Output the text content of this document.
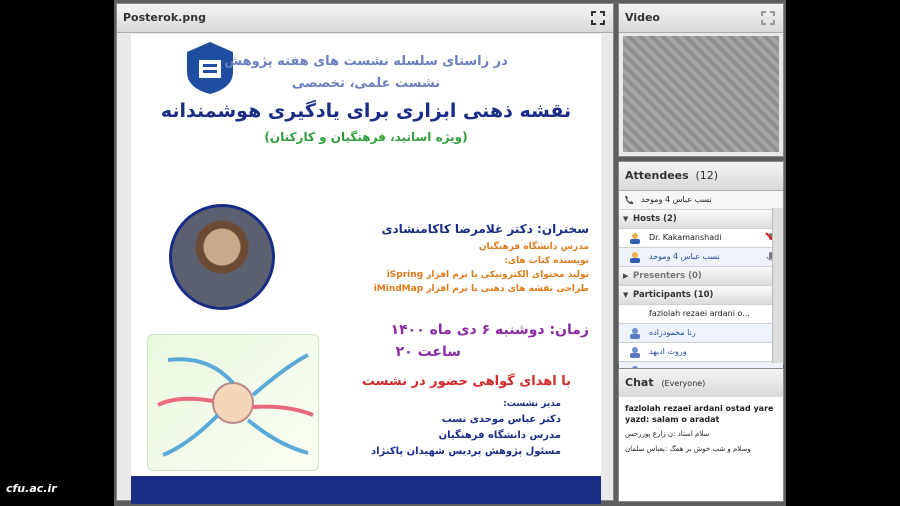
Posterok.png
در راستای سلسله نشست های هفته پژوهش
نشست علمی، تخصصی
نقشه ذهنی ابزاری برای یادگیری هوشمندانه
(ویژه اساتید، فرهنگیان و کارکنان)
سخنران: دکتر غلامرضا کاکامنشادی
مدرس دانشگاه فرهنگیان
نویسنده کتاب های:
تولید محتوای الکترونیکی با نرم افزار iSpring
طراحی نقشه های ذهنی با نرم افزار iMindMap
زمان: دوشنبه ۶ دی ماه ۱۴۰۰
ساعت ۲۰
با اهدای گواهی حضور در نشست
مدیر نشست:
دکتر عباس موحدی نسب
مدرس دانشگاه فرهنگیان
مسئول پژوهش پردیس شهیدان پاکنژاد
Video
Attendees (12)
نسب عباس 4 وموحد
▼ Hosts (2)
Dr. Kakamanshadi
نسب عباس 4 وموحد
▶ Presenters (0)
▼ Participants (10)
fazlolah rezaei ardani o...
رنا محمودزاده
وروث ادیهد
Chat (Everyone)
fazlolah rezaei ardani ostad yare yazd: salam o aradat
سلام استاد :ن زارع پوررحس
وسلام و شب خوش بر همگ :یعباس سلمان
cfu.ac.ir
